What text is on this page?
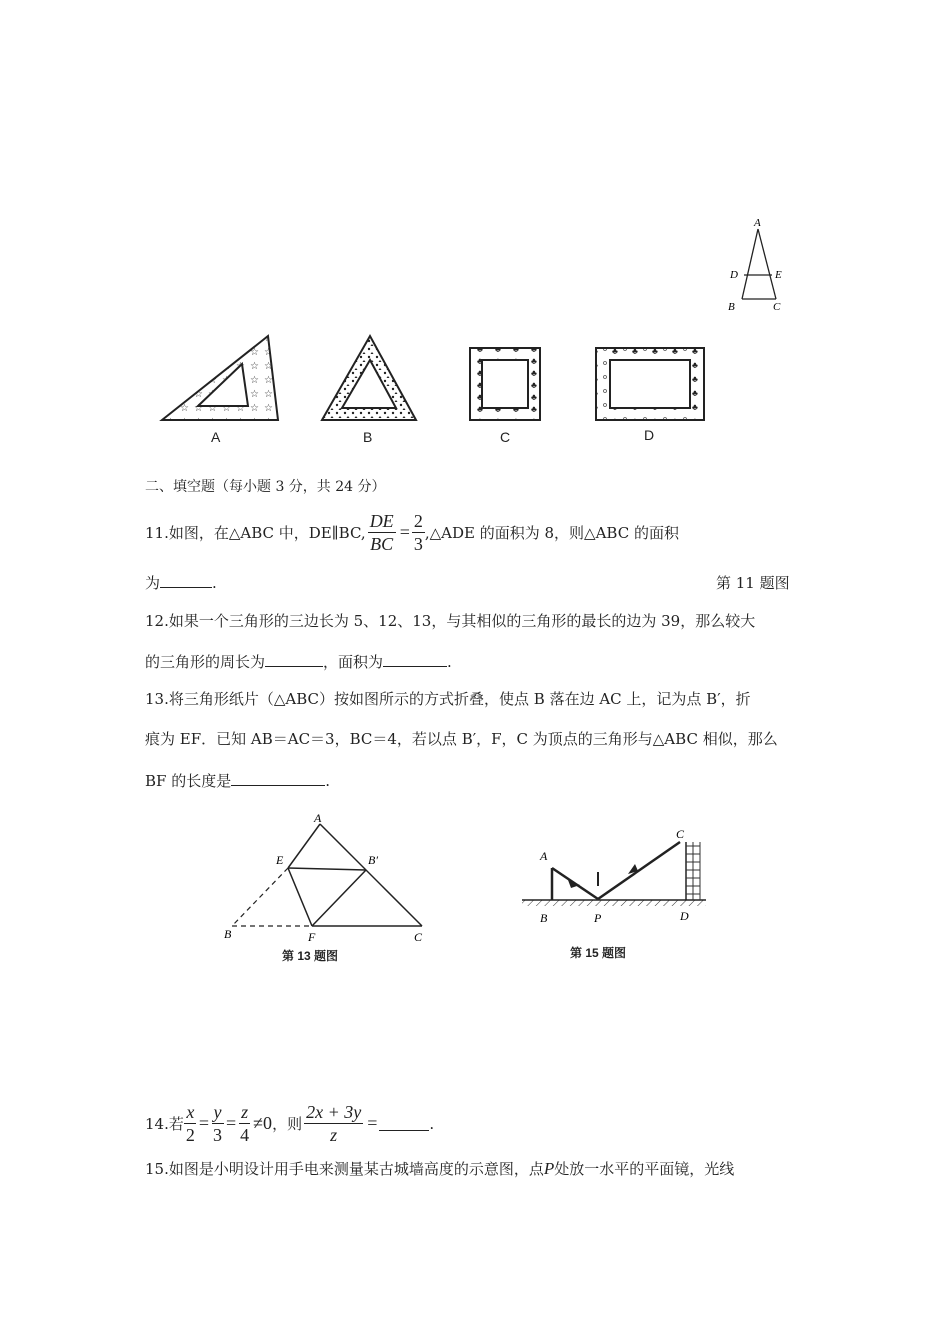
A
D	E
B	C
A	B	C	D
二、填空题（每小题 3 分，共 24 分）
11.如图，在△ABC 中，DE∥BC, $\frac{DE}{BC} = \frac{2}{3}$ ,△ADE 的面积为 8，则△ABC 的面积
为	.	第 11 题图
12.如果一个三角形的三边长为 5、12、13，与其相似的三角形的最长的边为 39，那么较大
的三角形的周长为	，面积为	.
13.将三角形纸片（△ABC）按如图所示的方式折叠，使点 B 落在边 AC 上，记为点 B′，折
痕为 EF．已知 AB＝AC＝3，BC＝4，若以点 B′，F，C 为顶点的三角形与△ABC 相似，那么
BF 的长度是	.
A
E	B′
B	F	C
第 13 题图
A
B	P	D
C
第 15 题图
14.若 $\frac{x}{2} = \frac{y}{3} = \frac{z}{4} \ne 0$ ，则 $\frac{2x + 3y}{z}$ =	.
15.如图是小明设计用手电来测量某古城墙高度的示意图，点P处放一水平的平面镜，光线
